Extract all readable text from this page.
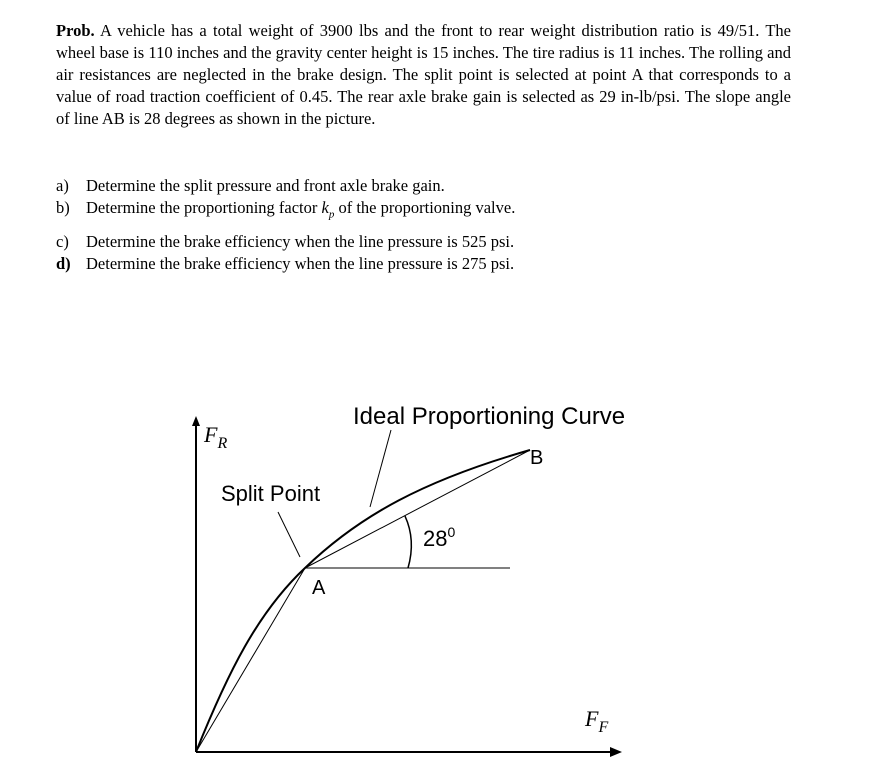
Prob. A vehicle has a total weight of 3900 lbs and the front to rear weight distribution ratio is 49/51. The wheel base is 110 inches and the gravity center height is 15 inches. The tire radius is 11 inches. The rolling and air resistances are neglected in the brake design. The split point is selected at point A that corresponds to a value of road traction coefficient of 0.45. The rear axle brake gain is selected as 29 in-lb/psi. The slope angle of line AB is 28 degrees as shown in the picture.
a) Determine the split pressure and front axle brake gain.
b) Determine the proportioning factor $k_p$ of the proportioning valve.
c) Determine the brake efficiency when the line pressure is 525 psi.
d) Determine the brake efficiency when the line pressure is 275 psi.
$F_R$
$F_F$
Ideal Proportioning Curve
Split Point
A
B
$28^0$
